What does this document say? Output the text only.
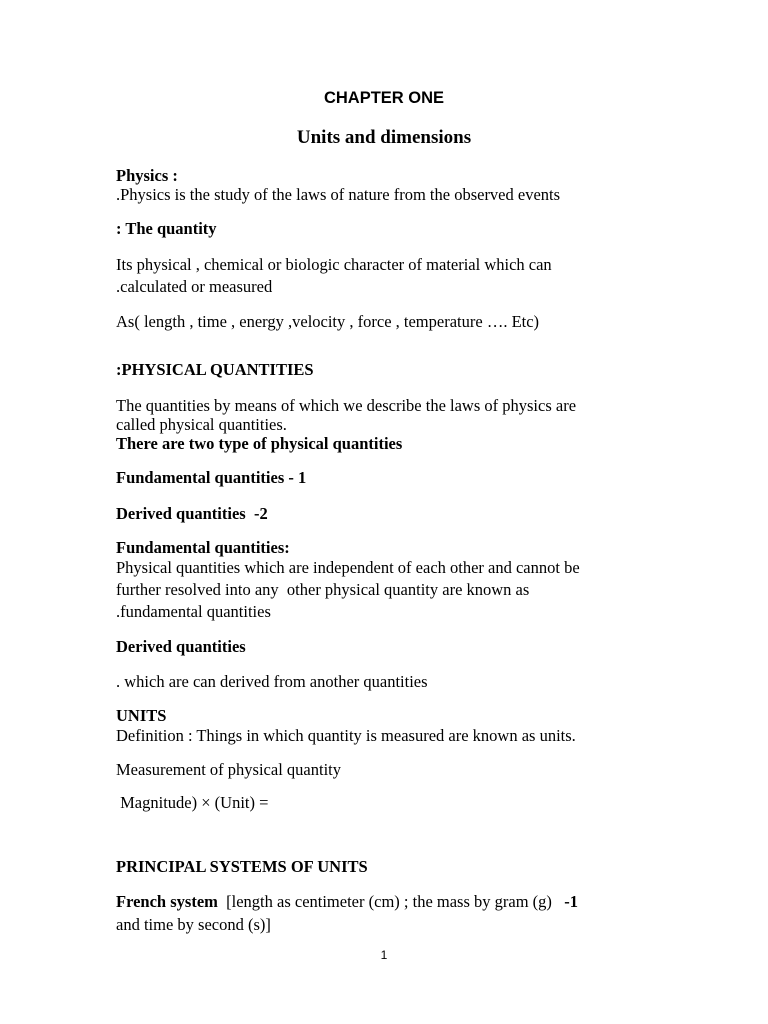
CHAPTER ONE
Units and dimensions
Physics :
.Physics is the study of the laws of nature from the observed events
: The quantity
Its physical , chemical or biologic character of material which can
.calculated or measured
As( length , time , energy ,velocity , force , temperature …. Etc)
:PHYSICAL QUANTITIES
The quantities by means of which we describe the laws of physics are
called physical quantities.
There are two type of physical quantities
Fundamental quantities - 1
Derived quantities  -2
Fundamental quantities:
Physical quantities which are independent of each other and cannot be
further resolved into any  other physical quantity are known as
.fundamental quantities
Derived quantities
. which are can derived from another quantities
UNITS
Definition : Things in which quantity is measured are known as units.
Measurement of physical quantity
Magnitude) × (Unit) =
PRINCIPAL SYSTEMS OF UNITS
French system  [length as centimeter (cm) ; the mass by gram (g)   -1
and time by second (s)]
1
